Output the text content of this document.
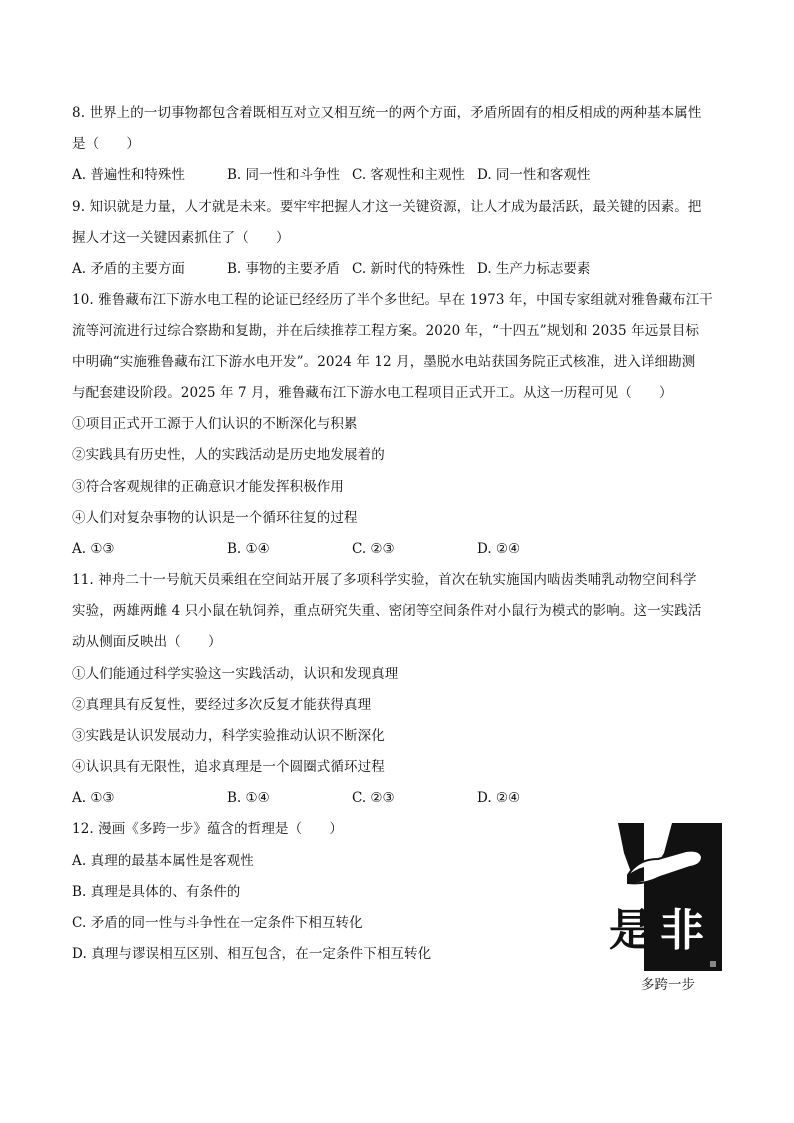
8. 世界上的一切事物都包含着既相互对立又相互统一的两个方面，矛盾所固有的相反相成的两种基本属性
是（　　）
A. 普遍性和特殊性	B. 同一性和斗争性 C. 客观性和主观性 D. 同一性和客观性
9. 知识就是力量，人才就是未来。要牢牢把握人才这一关键资源，让人才成为最活跃，最关键的因素。把
握人才这一关键因素抓住了（　　）
A. 矛盾的主要方面	B. 事物的主要矛盾 C. 新时代的特殊性 D. 生产力标志要素
10. 雅鲁藏布江下游水电工程的论证已经经历了半个多世纪。早在 1973 年，中国专家组就对雅鲁藏布江干
流等河流进行过综合察勘和复勘，并在后续推荐工程方案。2020 年，“十四五”规划和 2035 年远景目标
中明确“实施雅鲁藏布江下游水电开发”。2024 年 12 月，墨脱水电站获国务院正式核准，进入详细勘测
与配套建设阶段。2025 年 7 月，雅鲁藏布江下游水电工程项目正式开工。从这一历程可见（　　）
①项目正式开工源于人们认识的不断深化与积累
②实践具有历史性，人的实践活动是历史地发展着的
③符合客观规律的正确意识才能发挥积极作用
④人们对复杂事物的认识是一个循环往复的过程
A. ①③	B. ①④	C. ②③	D. ②④
11. 神舟二十一号航天员乘组在空间站开展了多项科学实验，首次在轨实施国内啮齿类哺乳动物空间科学
实验，两雄两雌 4 只小鼠在轨饲养，重点研究失重、密闭等空间条件对小鼠行为模式的影响。这一实践活
动从侧面反映出（　　）
①人们能通过科学实验这一实践活动，认识和发现真理
②真理具有反复性，要经过多次反复才能获得真理
③实践是认识发展动力，科学实验推动认识不断深化
④认识具有无限性，追求真理是一个圆圈式循环过程
A. ①③	B. ①④	C. ②③	D. ②④
12. 漫画《多跨一步》蕴含的哲理是（　　）
A. 真理的最基本属性是客观性
B. 真理是具体的、有条件的
C. 矛盾的同一性与斗争性在一定条件下相互转化
D. 真理与谬误相互区别、相互包含，在一定条件下相互转化	是 非
多跨一步
